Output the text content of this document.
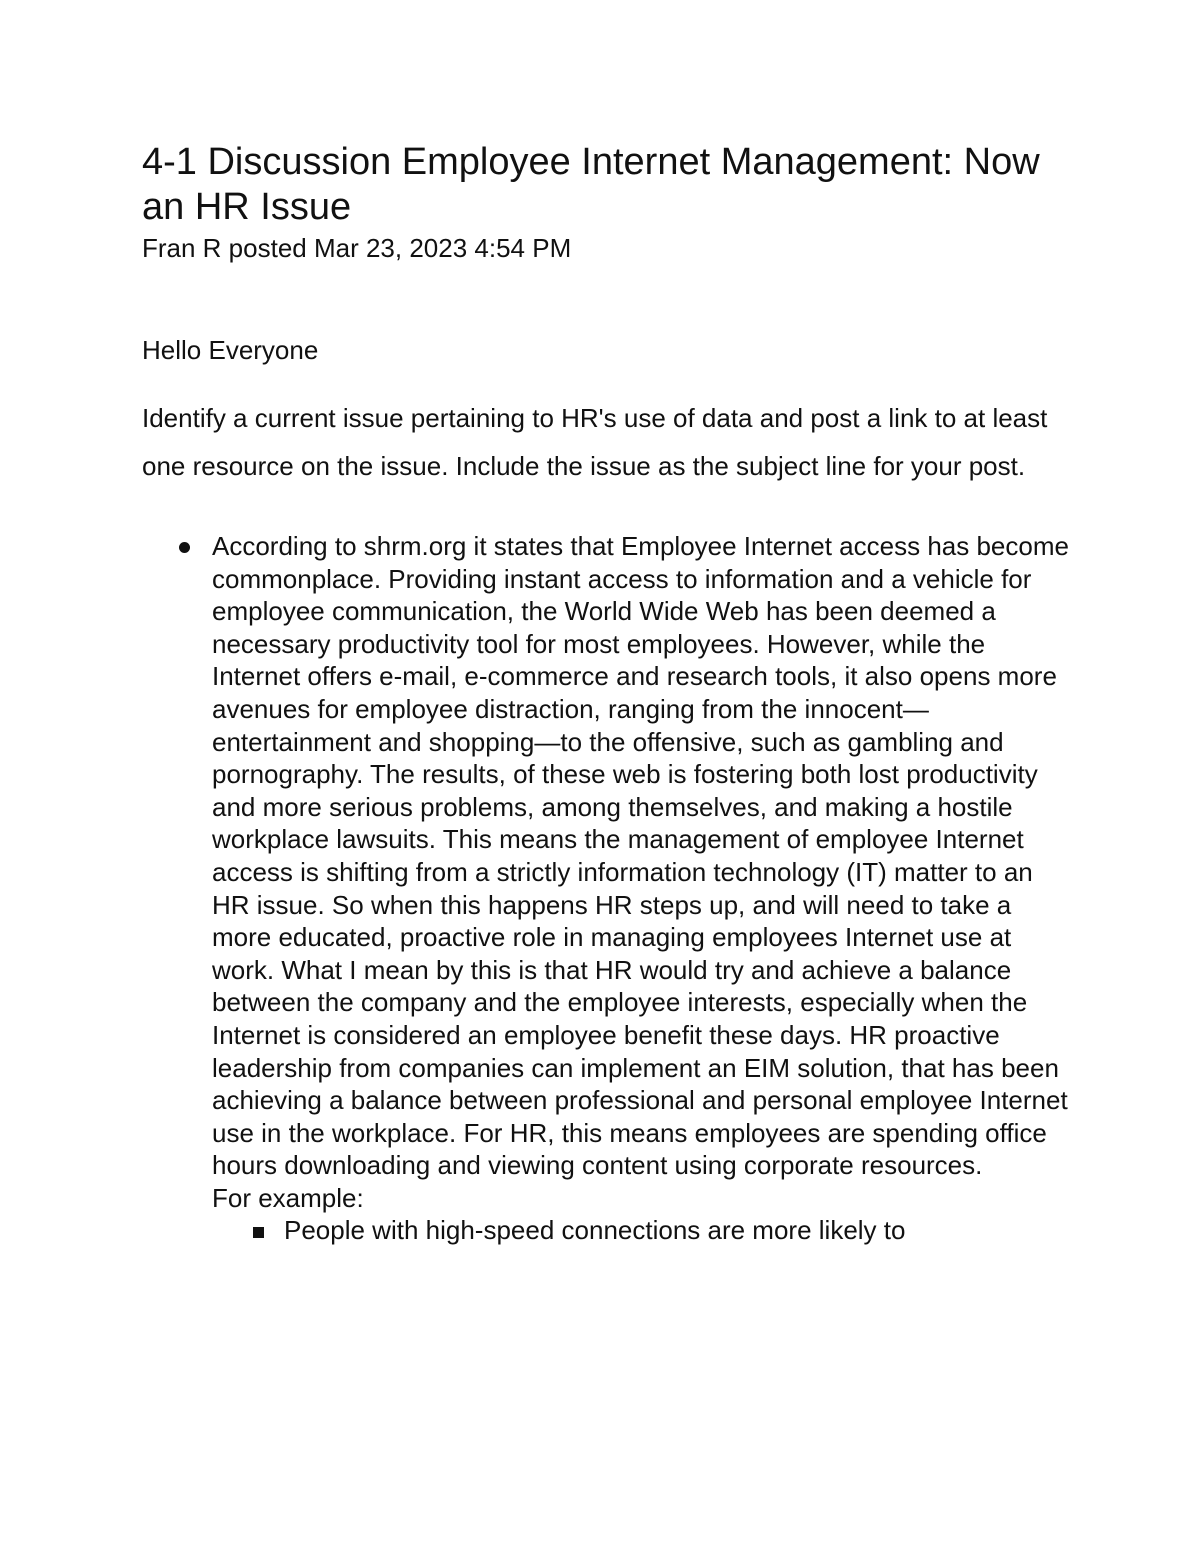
4-1 Discussion Employee Internet Management: Now an HR Issue
Fran R posted Mar 23, 2023 4:54 PM

Hello Everyone

Identify a current issue pertaining to HR's use of data and post a link to at least one resource on the issue. Include the issue as the subject line for your post.

According to shrm.org it states that Employee Internet access has become commonplace. Providing instant access to information and a vehicle for employee communication, the World Wide Web has been deemed a necessary productivity tool for most employees. However, while the Internet offers e-mail, e-commerce and research tools, it also opens more avenues for employee distraction, ranging from the innocent—entertainment and shopping—to the offensive, such as gambling and pornography. The results, of these web is fostering both lost productivity and more serious problems, among themselves, and making a hostile workplace lawsuits. This means the management of employee Internet access is shifting from a strictly information technology (IT) matter to an HR issue. So when this happens HR steps up, and will need to take a more educated, proactive role in managing employees Internet use at work. What I mean by this is that HR would try and achieve a balance between the company and the employee interests, especially when the Internet is considered an employee benefit these days. HR proactive leadership from companies can implement an EIM solution, that has been achieving a balance between professional and personal employee Internet use in the workplace. For HR, this means employees are spending office hours downloading and viewing content using corporate resources.
For example:
People with high-speed connections are more likely to
